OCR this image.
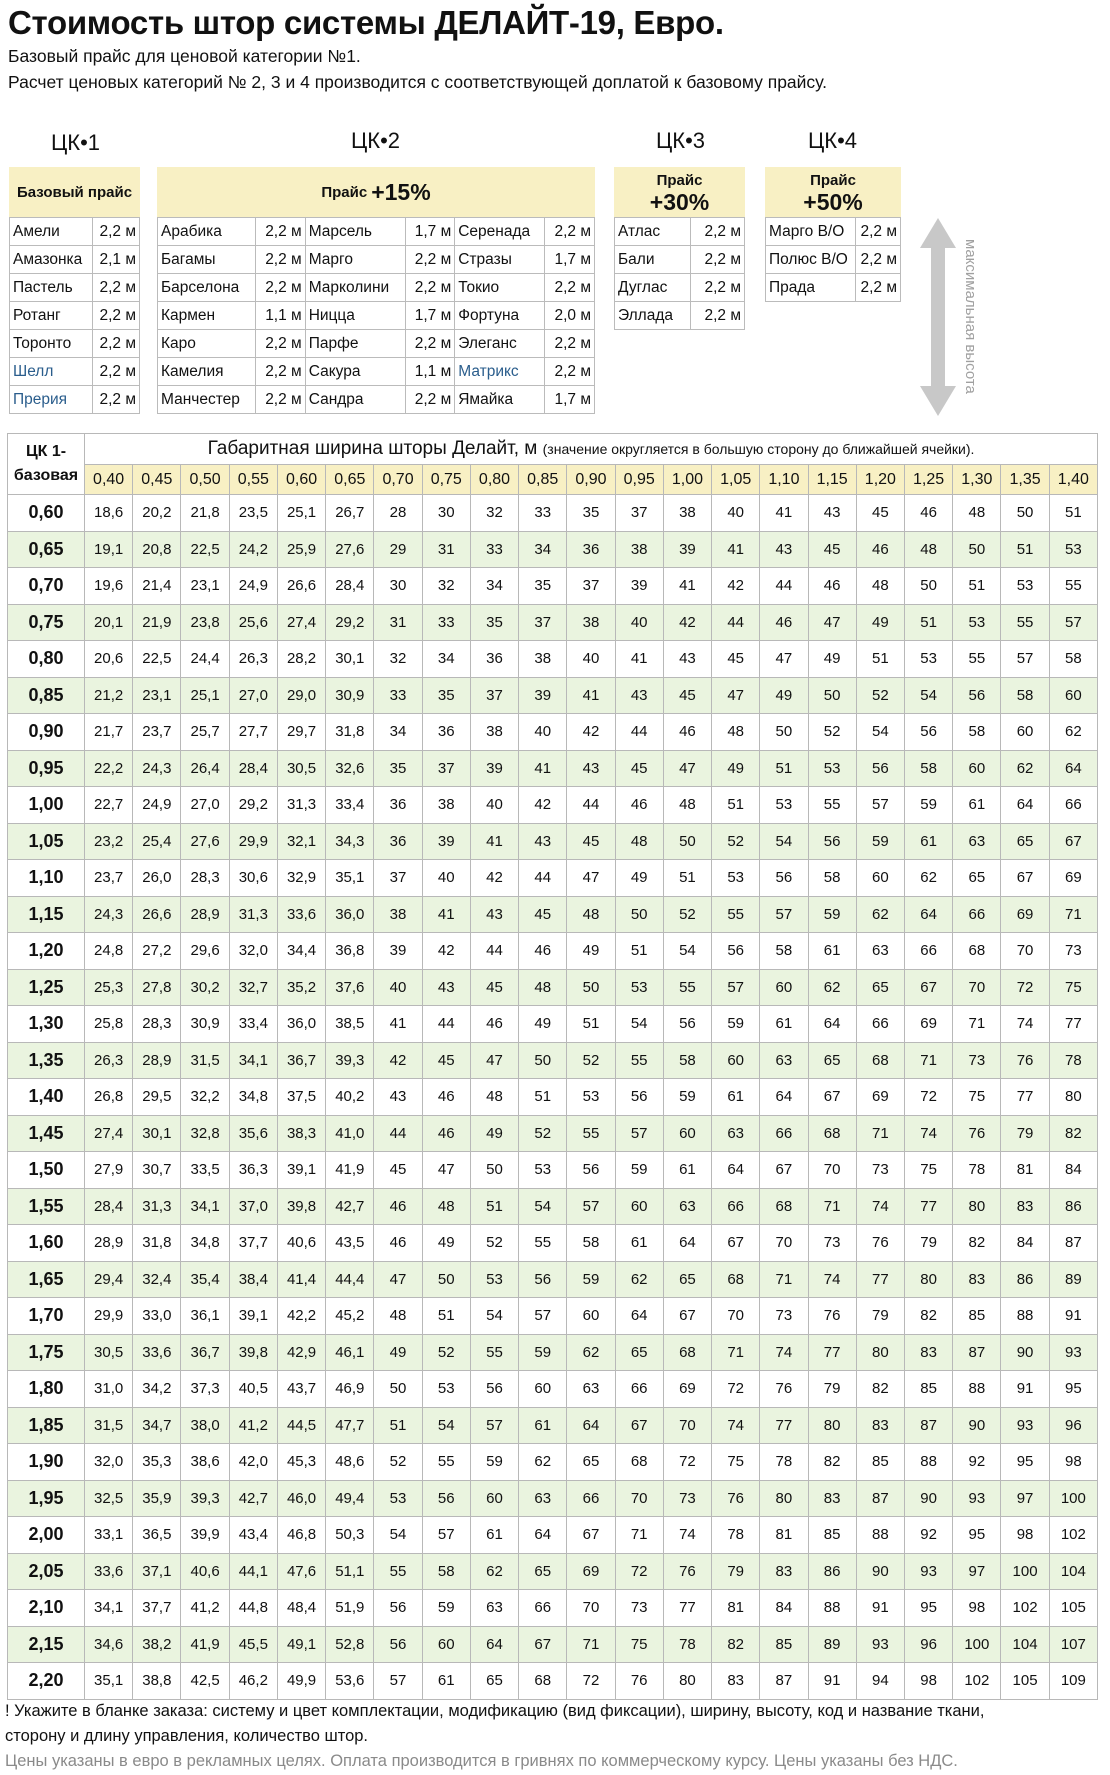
Стоимость штор системы ДЕЛАЙТ-19, Евро.
Базовый прайс для ценовой категории №1.
Расчет ценовых категорий № 2, 3 и 4 производится с соответствующей доплатой к базовому прайсу.
ЦК•1	ЦК•2	ЦК•3	ЦК•4
Базовый прайс
Амели	2,2 м
Амазонка	2,1 м
Пастель	2,2 м
Ротанг	2,2 м
Торонто	2,2 м
Шелл	2,2 м
Прерия	2,2 м
Прайс +15%
Арабика	2,2 м	Марсель	1,7 м	Серенада	2,2 м
Багамы	2,2 м	Марго	2,2 м	Стразы	1,7 м
Барселона	2,2 м	Марколини	2,2 м	Токио	2,2 м
Кармен	1,1 м	Ницца	1,7 м	Фортуна	2,0 м
Каро	2,2 м	Парфе	2,2 м	Элеганс	2,2 м
Камелия	2,2 м	Сакура	1,1 м	Матрикс	2,2 м
Манчестер	2,2 м	Сандра	2,2 м	Ямайка	1,7 м
Прайс
+30%
Атлас	2,2 м
Бали	2,2 м
Дуглас	2,2 м
Эллада	2,2 м
Прайс
+50%
Марго В/О	2,2 м
Полюс В/О	2,2 м
Прада	2,2 м	максимальная высота
ЦК 1-
базовая	Габаритная ширина шторы Делайт, м (значение округляется в большую сторону до ближайшей ячейки).																				
	0,40	0,45	0,50	0,55	0,60	0,65	0,70	0,75	0,80	0,85	0,90	0,95	1,00	1,05	1,10	1,15	1,20	1,25	1,30	1,35	1,40
0,60	18,6	20,2	21,8	23,5	25,1	26,7	28	30	32	33	35	37	38	40	41	43	45	46	48	50	51
0,65	19,1	20,8	22,5	24,2	25,9	27,6	29	31	33	34	36	38	39	41	43	45	46	48	50	51	53
0,70	19,6	21,4	23,1	24,9	26,6	28,4	30	32	34	35	37	39	41	42	44	46	48	50	51	53	55
0,75	20,1	21,9	23,8	25,6	27,4	29,2	31	33	35	37	38	40	42	44	46	47	49	51	53	55	57
0,80	20,6	22,5	24,4	26,3	28,2	30,1	32	34	36	38	40	41	43	45	47	49	51	53	55	57	58
0,85	21,2	23,1	25,1	27,0	29,0	30,9	33	35	37	39	41	43	45	47	49	50	52	54	56	58	60
0,90	21,7	23,7	25,7	27,7	29,7	31,8	34	36	38	40	42	44	46	48	50	52	54	56	58	60	62
0,95	22,2	24,3	26,4	28,4	30,5	32,6	35	37	39	41	43	45	47	49	51	53	56	58	60	62	64
1,00	22,7	24,9	27,0	29,2	31,3	33,4	36	38	40	42	44	46	48	51	53	55	57	59	61	64	66
1,05	23,2	25,4	27,6	29,9	32,1	34,3	36	39	41	43	45	48	50	52	54	56	59	61	63	65	67
1,10	23,7	26,0	28,3	30,6	32,9	35,1	37	40	42	44	47	49	51	53	56	58	60	62	65	67	69
1,15	24,3	26,6	28,9	31,3	33,6	36,0	38	41	43	45	48	50	52	55	57	59	62	64	66	69	71
1,20	24,8	27,2	29,6	32,0	34,4	36,8	39	42	44	46	49	51	54	56	58	61	63	66	68	70	73
1,25	25,3	27,8	30,2	32,7	35,2	37,6	40	43	45	48	50	53	55	57	60	62	65	67	70	72	75
1,30	25,8	28,3	30,9	33,4	36,0	38,5	41	44	46	49	51	54	56	59	61	64	66	69	71	74	77
1,35	26,3	28,9	31,5	34,1	36,7	39,3	42	45	47	50	52	55	58	60	63	65	68	71	73	76	78
1,40	26,8	29,5	32,2	34,8	37,5	40,2	43	46	48	51	53	56	59	61	64	67	69	72	75	77	80
1,45	27,4	30,1	32,8	35,6	38,3	41,0	44	46	49	52	55	57	60	63	66	68	71	74	76	79	82
1,50	27,9	30,7	33,5	36,3	39,1	41,9	45	47	50	53	56	59	61	64	67	70	73	75	78	81	84
1,55	28,4	31,3	34,1	37,0	39,8	42,7	46	48	51	54	57	60	63	66	68	71	74	77	80	83	86
1,60	28,9	31,8	34,8	37,7	40,6	43,5	46	49	52	55	58	61	64	67	70	73	76	79	82	84	87
1,65	29,4	32,4	35,4	38,4	41,4	44,4	47	50	53	56	59	62	65	68	71	74	77	80	83	86	89
1,70	29,9	33,0	36,1	39,1	42,2	45,2	48	51	54	57	60	64	67	70	73	76	79	82	85	88	91
1,75	30,5	33,6	36,7	39,8	42,9	46,1	49	52	55	59	62	65	68	71	74	77	80	83	87	90	93
1,80	31,0	34,2	37,3	40,5	43,7	46,9	50	53	56	60	63	66	69	72	76	79	82	85	88	91	95
1,85	31,5	34,7	38,0	41,2	44,5	47,7	51	54	57	61	64	67	70	74	77	80	83	87	90	93	96
1,90	32,0	35,3	38,6	42,0	45,3	48,6	52	55	59	62	65	68	72	75	78	82	85	88	92	95	98
1,95	32,5	35,9	39,3	42,7	46,0	49,4	53	56	60	63	66	70	73	76	80	83	87	90	93	97	100
2,00	33,1	36,5	39,9	43,4	46,8	50,3	54	57	61	64	67	71	74	78	81	85	88	92	95	98	102
2,05	33,6	37,1	40,6	44,1	47,6	51,1	55	58	62	65	69	72	76	79	83	86	90	93	97	100	104
2,10	34,1	37,7	41,2	44,8	48,4	51,9	56	59	63	66	70	73	77	81	84	88	91	95	98	102	105
2,15	34,6	38,2	41,9	45,5	49,1	52,8	56	60	64	67	71	75	78	82	85	89	93	96	100	104	107
2,20	35,1	38,8	42,5	46,2	49,9	53,6	57	61	65	68	72	76	80	83	87	91	94	98	102	105	109
! Укажите в бланке заказа: систему и цвет комплектации, модификацию (вид фиксации), ширину, высоту, код и название ткани,
сторону и длину управления, количество штор.
Цены указаны в евро в рекламных целях. Оплата производится в гривнях по коммерческому курсу. Цены указаны без НДС.
